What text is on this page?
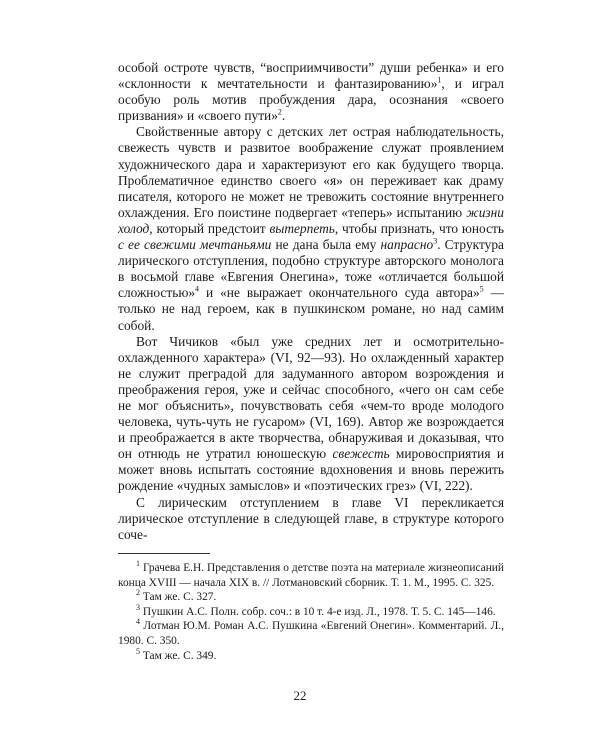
особой остроте чувств, “восприимчивости” души ребенка» и его «склонности к мечтательности и фантазированию»$^1$, и играл особую роль мотив пробуждения дара, осознания «своего призвания» и «своего пути»$^2$.

Свойственные автору с детских лет острая наблюдательность, свежесть чувств и развитое воображение служат проявлением художнического дара и характеризуют его как будущего творца. Проблематичное единство своего «я» он переживает как драму писателя, которого не может не тревожить состояние внутреннего охлаждения. Его поистине подвергает «теперь» испытанию жизни холод, который предстоит вытерпеть, чтобы признать, что юность с ее свежими мечтаньями не дана была ему напрасно$^3$. Структура лирического отступления, подобно структуре авторского монолога в восьмой главе «Евгения Онегина», тоже «отличается большой сложностью»$^4$ и «не выражает окончательного суда автора»$^5$ — только не над героем, как в пушкинском романе, но над самим собой.

Вот Чичиков «был уже средних лет и осмотрительно-охлажденного характера» (VI, 92—93). Но охлажденный характер не служит преградой для задуманного автором возрождения и преображения героя, уже и сейчас способного, «чего он сам себе не мог объяснить», почувствовать себя «чем-то вроде молодого человека, чуть-чуть не гусаром» (VI, 169). Автор же возрождается и преображается в акте творчества, обнаруживая и доказывая, что он отнюдь не утратил юношескую свежесть мировосприятия и может вновь испытать состояние вдохновения и вновь пережить рождение «чудных замыслов» и «поэтических грез» (VI, 222).

С лирическим отступлением в главе VI перекликается лирическое отступление в следующей главе, в структуре которого соче-

$^1$ Грачева Е.Н. Представления о детстве поэта на материале жизнеописаний конца XVIII — начала XIX в. // Лотмановский сборник. Т. 1. М., 1995. С. 325.

$^2$ Там же. С. 327.

$^3$ Пушкин А.С. Полн. собр. соч.: в 10 т. 4-е изд. Л., 1978. Т. 5. С. 145—146.

$^4$ Лотман Ю.М. Роман А.С. Пушкина «Евгений Онегин». Комментарий. Л., 1980. С. 350.

$^5$ Там же. С. 349.

22
